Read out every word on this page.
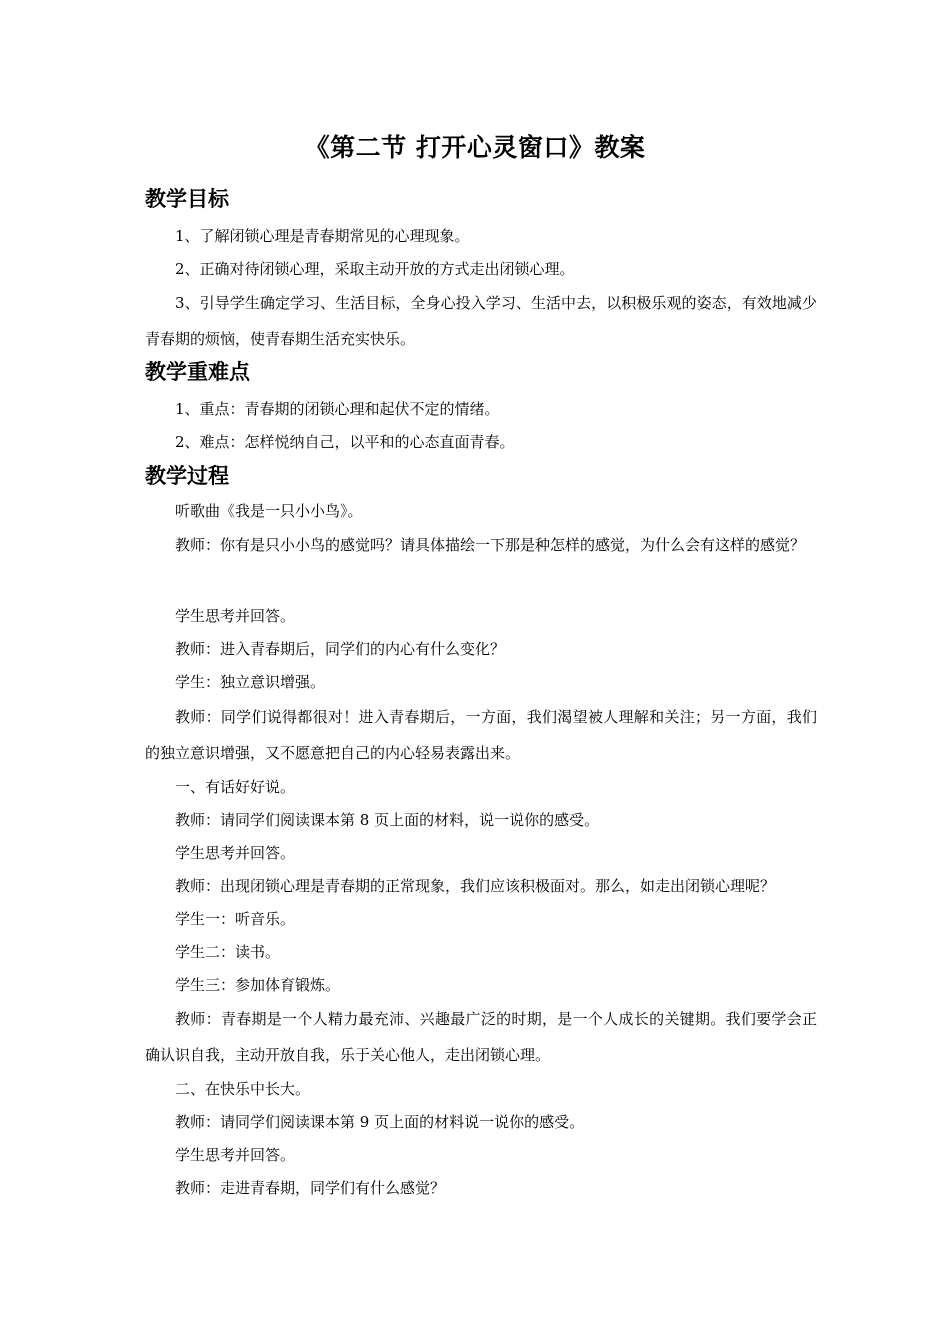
《第二节 打开心灵窗口》教案
教学目标
1、了解闭锁心理是青春期常见的心理现象。
2、正确对待闭锁心理，采取主动开放的方式走出闭锁心理。
3、引导学生确定学习、生活目标，全身心投入学习、生活中去，以积极乐观的姿态，有效地减少青春期的烦恼，使青春期生活充实快乐。
教学重难点
1、重点：青春期的闭锁心理和起伏不定的情绪。
2、难点：怎样悦纳自己，以平和的心态直面青春。
教学过程
听歌曲《我是一只小小鸟》。
教师：你有是只小小鸟的感觉吗？请具体描绘一下那是种怎样的感觉，为什么会有这样的感觉？
学生思考并回答。
教师：进入青春期后，同学们的内心有什么变化？
学生：独立意识增强。
教师：同学们说得都很对！进入青春期后，一方面，我们渴望被人理解和关注；另一方面，我们的独立意识增强，又不愿意把自己的内心轻易表露出来。
一、有话好好说。
教师：请同学们阅读课本第 8 页上面的材料，说一说你的感受。
学生思考并回答。
教师：出现闭锁心理是青春期的正常现象，我们应该积极面对。那么，如走出闭锁心理呢？
学生一：听音乐。
学生二：读书。
学生三：参加体育锻炼。
教师：青春期是一个人精力最充沛、兴趣最广泛的时期，是一个人成长的关键期。我们要学会正确认识自我，主动开放自我，乐于关心他人，走出闭锁心理。
二、在快乐中长大。
教师：请同学们阅读课本第 9 页上面的材料说一说你的感受。
学生思考并回答。
教师：走进青春期，同学们有什么感觉？
